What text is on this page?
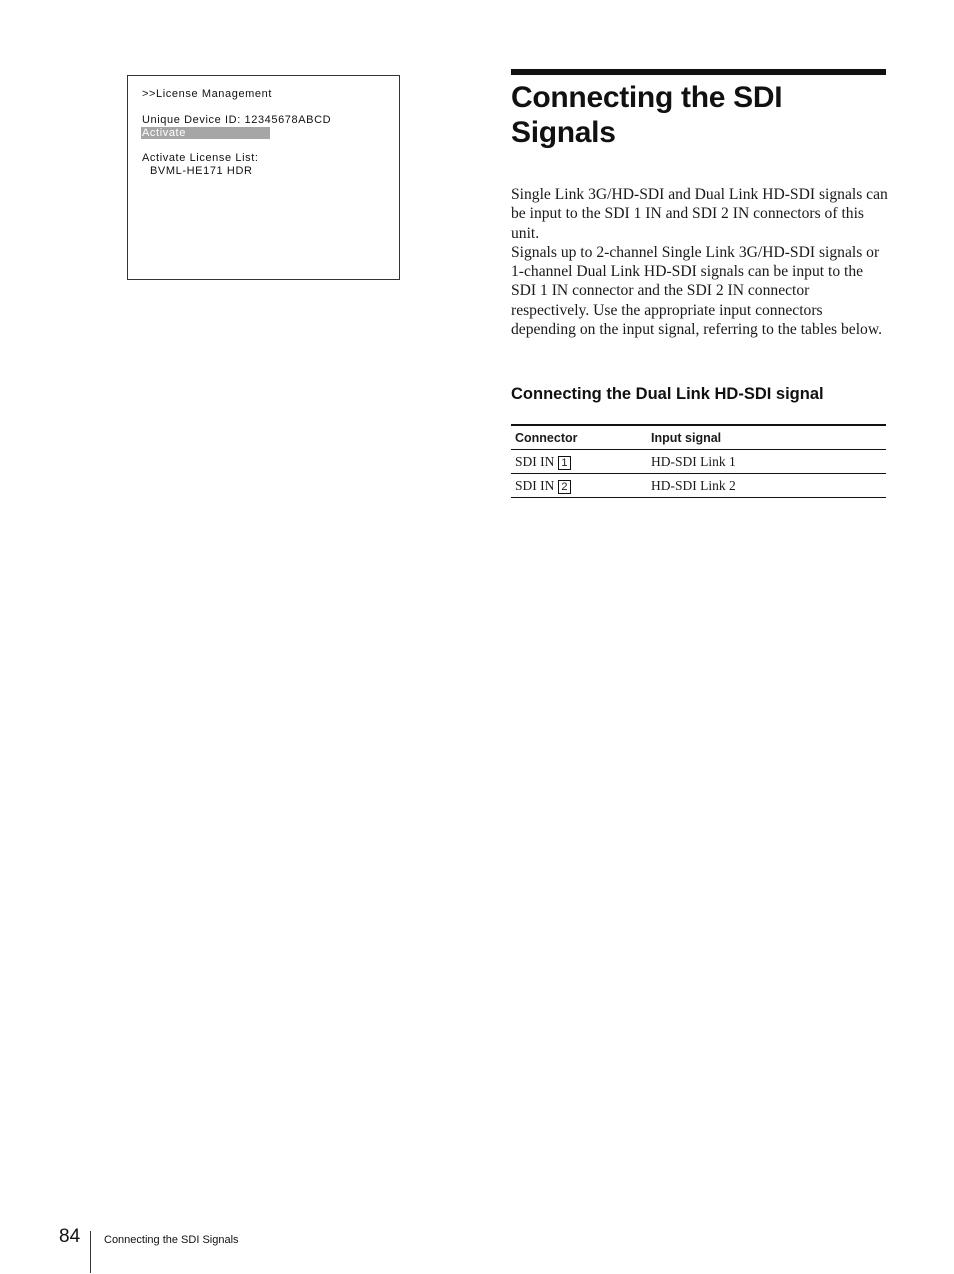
>>License Management
Unique Device ID: 12345678ABCD
Activate
Activate License List:
BVML-HE171 HDR
Connecting the SDI Signals

Single Link 3G/HD-SDI and Dual Link HD-SDI signals can be input to the SDI 1 IN and SDI 2 IN connectors of this unit.

Signals up to 2-channel Single Link 3G/HD-SDI signals or 1-channel Dual Link HD-SDI signals can be input to the SDI 1 IN connector and the SDI 2 IN connector respectively. Use the appropriate input connectors depending on the input signal, referring to the tables below.

Connecting the Dual Link HD-SDI signal
Connector	Input signal
SDI IN 1	HD-SDI Link 1
SDI IN 2	HD-SDI Link 2
84 Connecting the SDI Signals
